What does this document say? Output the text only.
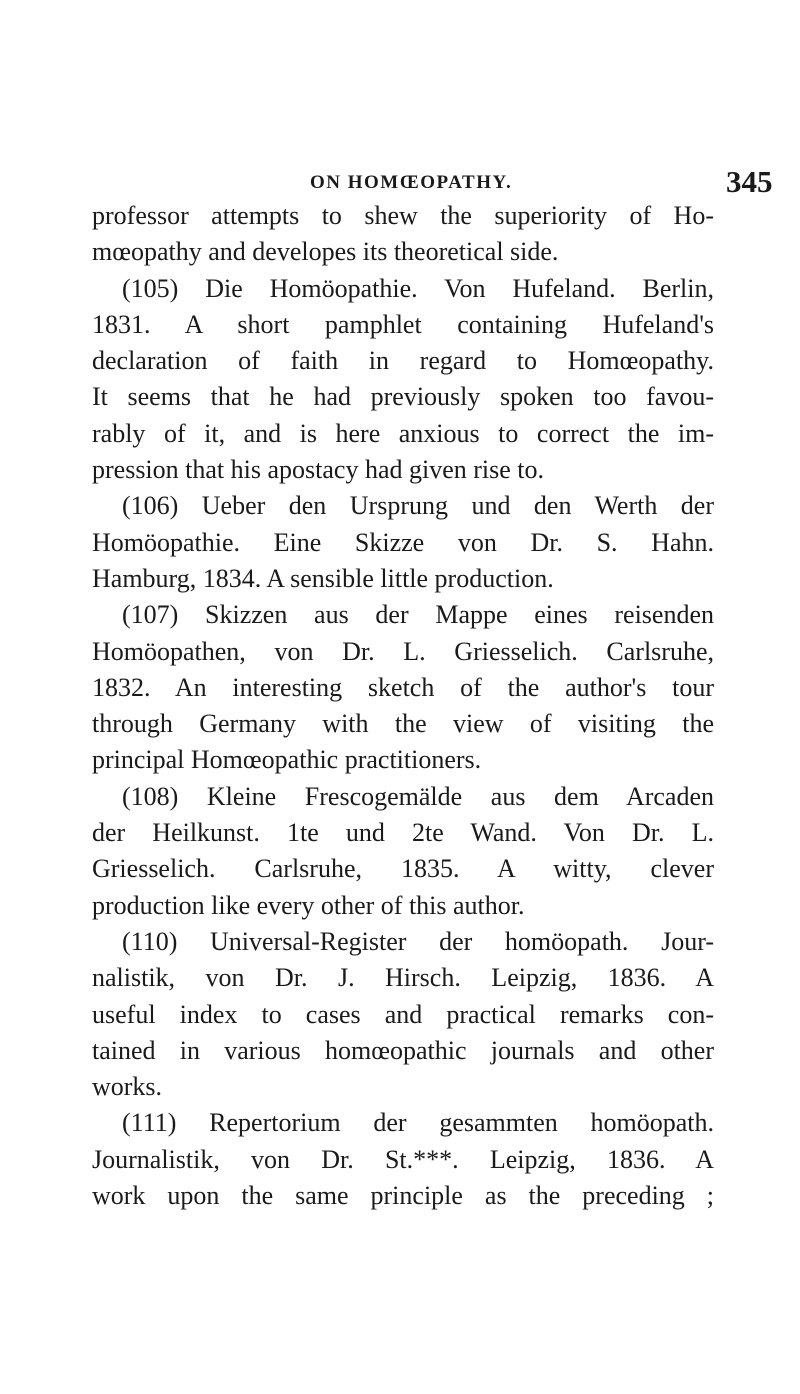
ON HOMŒOPATHY.	345
professor attempts to shew the superiority of Ho-
mœopathy and developes its theoretical side.
(105) Die Homöopathie. Von Hufeland. Berlin,
1831. A short pamphlet containing Hufeland's
declaration of faith in regard to Homœopathy.
It seems that he had previously spoken too favou-
rably of it, and is here anxious to correct the im-
pression that his apostacy had given rise to.
(106) Ueber den Ursprung und den Werth der
Homöopathie. Eine Skizze von Dr. S. Hahn.
Hamburg, 1834. A sensible little production.
(107) Skizzen aus der Mappe eines reisenden
Homöopathen, von Dr. L. Griesselich. Carlsruhe,
1832. An interesting sketch of the author's tour
through Germany with the view of visiting the
principal Homœopathic practitioners.
(108) Kleine Frescogemälde aus dem Arcaden
der Heilkunst. 1te und 2te Wand. Von Dr. L.
Griesselich. Carlsruhe, 1835. A witty, clever
production like every other of this author.
(110) Universal-Register der homöopath. Jour-
nalistik, von Dr. J. Hirsch. Leipzig, 1836. A
useful index to cases and practical remarks con-
tained in various homœopathic journals and other
works.
(111) Repertorium der gesammten homöopath.
Journalistik, von Dr. St.***. Leipzig, 1836. A
work upon the same principle as the preceding ;
